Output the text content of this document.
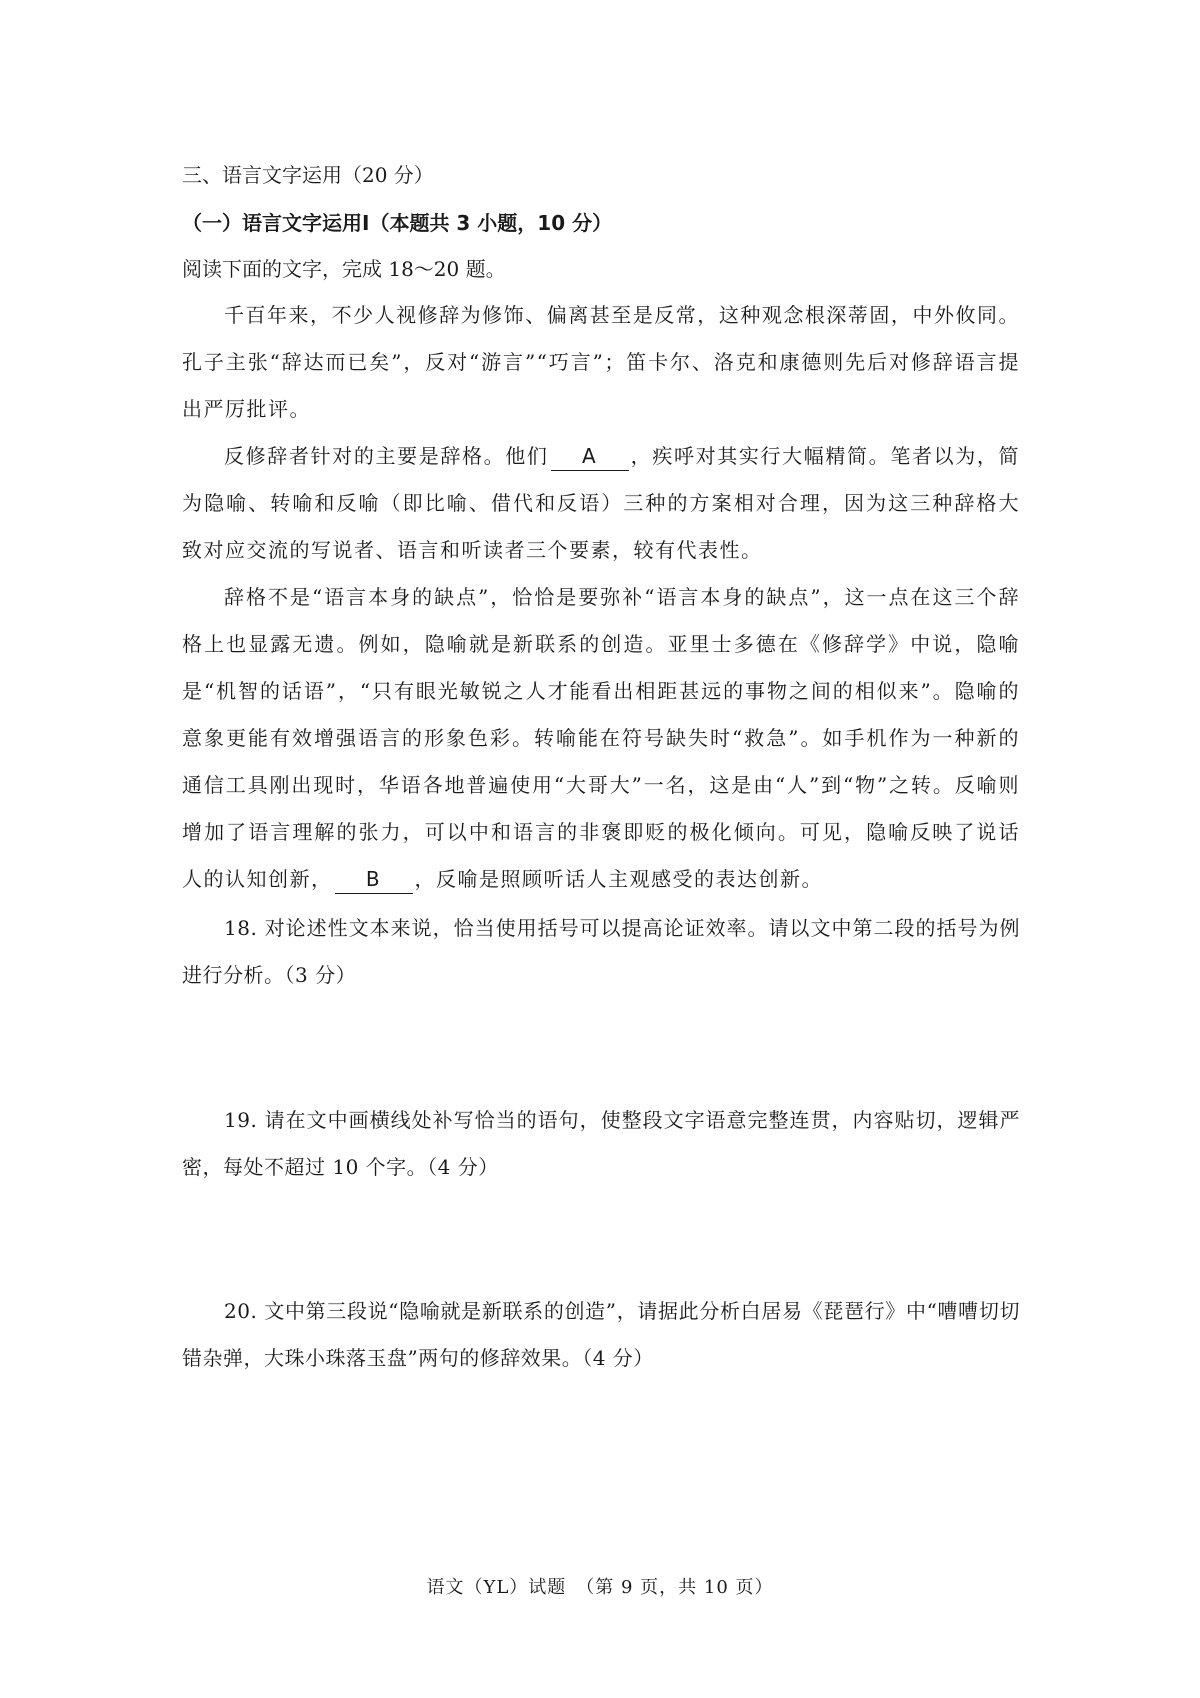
三、语言文字运用（20 分）
（一）语言文字运用Ⅰ（本题共 3 小题，10 分）
阅读下面的文字，完成 18～20 题。

千百年来，不少人视修辞为修饰、偏离甚至是反常，这种观念根深蒂固，中外攸同。孔子主张“辞达而已矣”，反对“游言”“巧言”；笛卡尔、洛克和康德则先后对修辞语言提出严厉批评。

反修辞者针对的主要是辞格。他们 A ，疾呼对其实行大幅精简。笔者以为，简为隐喻、转喻和反喻（即比喻、借代和反语）三种的方案相对合理，因为这三种辞格大致对应交流的写说者、语言和听读者三个要素，较有代表性。

辞格不是“语言本身的缺点”，恰恰是要弥补“语言本身的缺点”，这一点在这三个辞格上也显露无遗。例如，隐喻就是新联系的创造。亚里士多德在《修辞学》中说，隐喻是“机智的话语”，“只有眼光敏锐之人才能看出相距甚远的事物之间的相似来”。隐喻的意象更能有效增强语言的形象色彩。转喻能在符号缺失时“救急”。如手机作为一种新的通信工具刚出现时，华语各地普遍使用“大哥大”一名，这是由“人”到“物”之转。反喻则增加了语言理解的张力，可以中和语言的非褒即贬的极化倾向。可见，隐喻反映了说话人的认知创新， B ，反喻是照顾听话人主观感受的表达创新。

18. 对论述性文本来说，恰当使用括号可以提高论证效率。请以文中第二段的括号为例进行分析。（3 分）

19. 请在文中画横线处补写恰当的语句，使整段文字语意完整连贯，内容贴切，逻辑严密，每处不超过 10 个字。（4 分）

20. 文中第三段说“隐喻就是新联系的创造”，请据此分析白居易《琵琶行》中“嘈嘈切切错杂弹，大珠小珠落玉盘”两句的修辞效果。（4 分）

语文（YL）试题　（第 9 页，共 10 页）
